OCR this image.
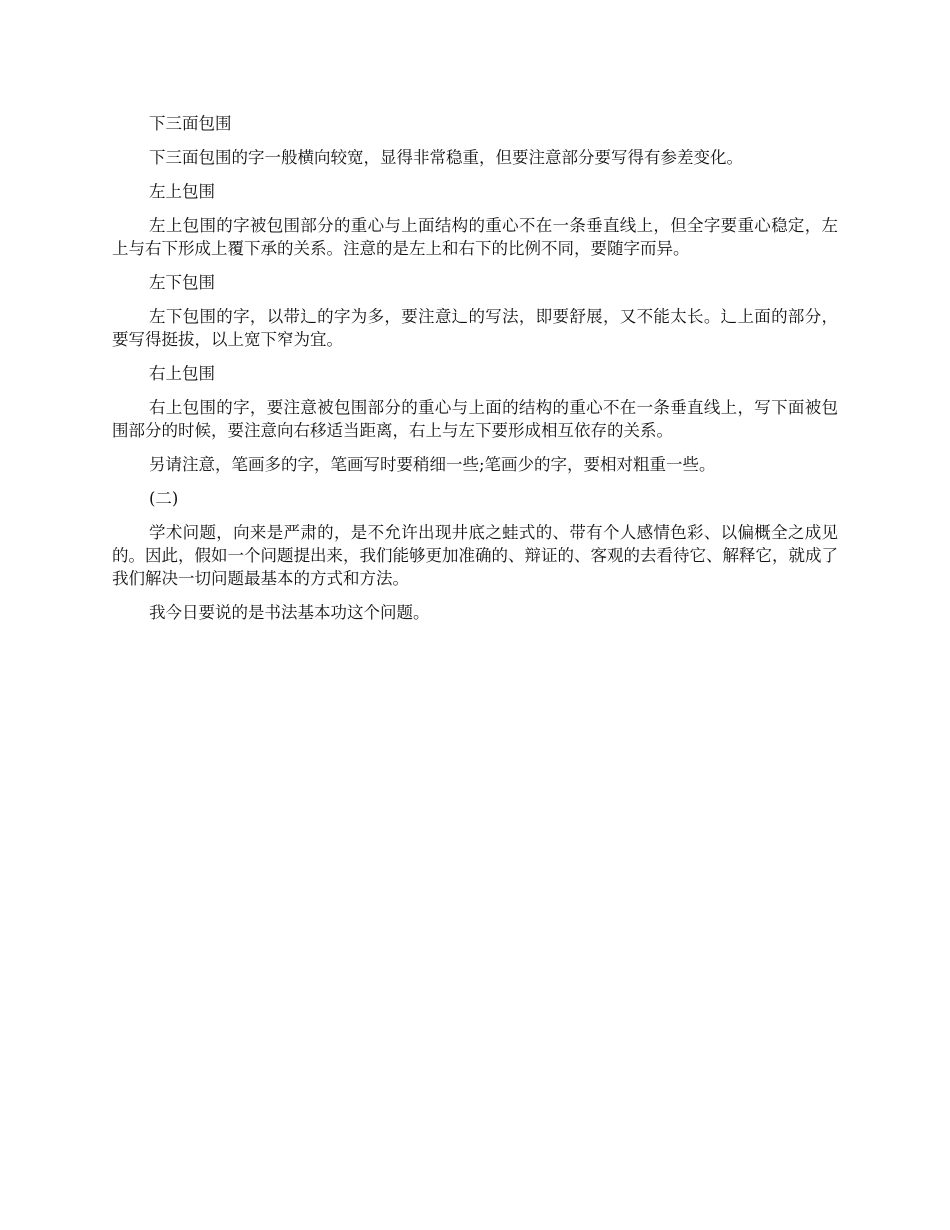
下三面包围

下三面包围的字一般横向较宽，显得非常稳重，但要注意部分要写得有参差变化。

左上包围

左上包围的字被包围部分的重心与上面结构的重心不在一条垂直线上，但全字要重心稳定，左上与右下形成上覆下承的关系。注意的是左上和右下的比例不同，要随字而异。

左下包围

左下包围的字，以带辶的字为多，要注意辶的写法，即要舒展，又不能太长。辶上面的部分，要写得挺拔，以上宽下窄为宜。

右上包围

右上包围的字，要注意被包围部分的重心与上面的结构的重心不在一条垂直线上，写下面被包围部分的时候，要注意向右移适当距离，右上与左下要形成相互依存的关系。

另请注意，笔画多的字，笔画写时要稍细一些;笔画少的字，要相对粗重一些。

(二)

学术问题，向来是严肃的，是不允许出现井底之蛙式的、带有个人感情色彩、以偏概全之成见的。因此，假如一个问题提出来，我们能够更加准确的、辩证的、客观的去看待它、解释它，就成了我们解决一切问题最基本的方式和方法。

我今日要说的是书法基本功这个问题。
